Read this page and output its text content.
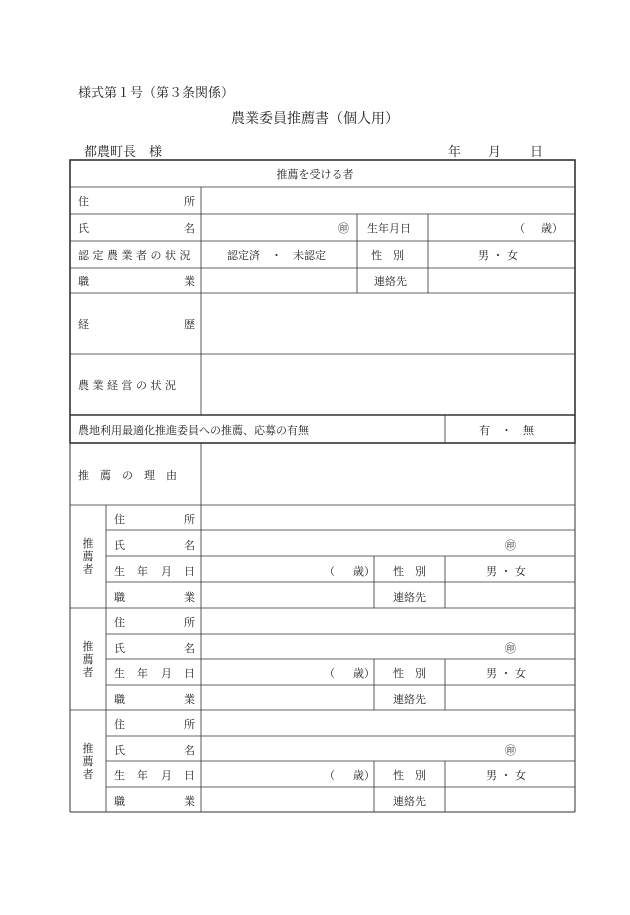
様式第１号（第３条関係）
農業委員推薦書（個人用）
都農町長　様	年 月 日
推薦を受ける者
住	所
氏	名	㊞ 生年月日	（ 歳）
認 定 農 業 者 の 状 況	認定済　・　未認定	性　別	男 ・ 女
職	業	連絡先
経	歴
農 業 経 営 の 状 況
農地利用最適化推進委員への推薦、応募の有無	有　・　無
推　薦　の　理　由
推
薦
者
住	所
氏	名	㊞
生 年 月 日	（ 歳） 性　別	男 ・ 女
職	業	連絡先
推
薦
者
住	所
氏	名	㊞
生 年 月 日	（ 歳） 性　別	男 ・ 女
職	業	連絡先
推
薦
者
住	所
氏	名	㊞
生 年 月 日	（ 歳） 性　別	男 ・ 女
職	業	連絡先
